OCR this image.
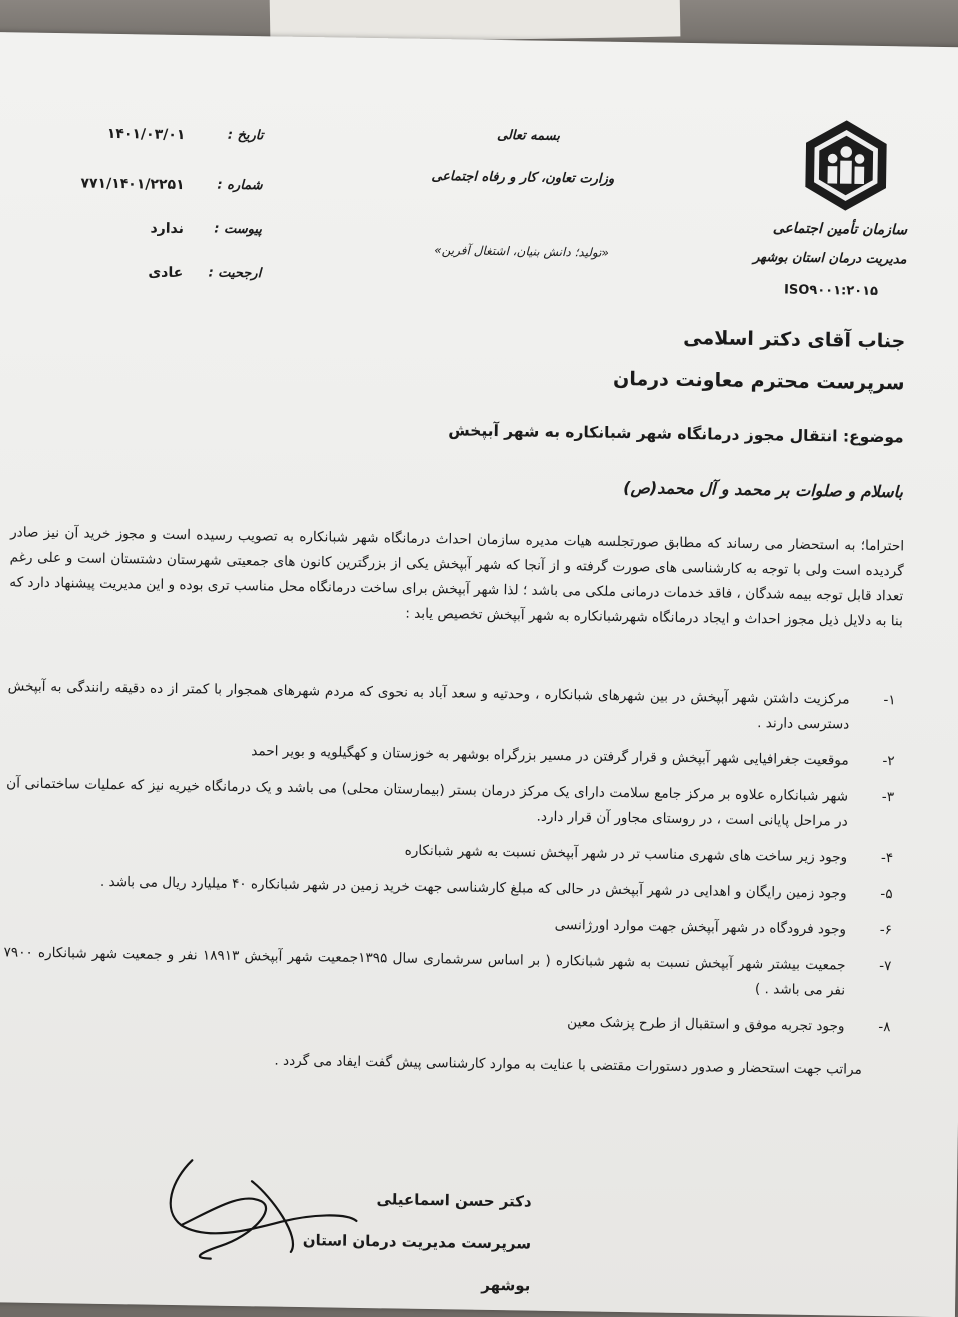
سازمان تأمین اجتماعی
مدیریت درمان استان بوشهر
ISO۹۰۰۱:۲۰۱۵
بسمه تعالی
وزارت تعاون، کار و رفاه اجتماعی
«تولید؛ دانش بنیان، اشتغال آفرین»
تاریخ :
۱۴۰۱/۰۳/۰۱
شماره :
۷۷۱/۱۴۰۱/۲۲۵۱
پیوست :
ندارد
ارجحیت :
عادی
جناب آقای دکتر اسلامی
سرپرست محترم معاونت درمان
موضوع: انتقال مجوز درمانگاه شهر شبانکاره به شهر آبپخش
باسلام و صلوات بر محمد و آل محمد(ص)
احتراما؛ به استحضار می رساند که مطابق صورتجلسه هیات مدیره سازمان احداث درمانگاه شهر شبانکاره به تصویب رسیده است و مجوز خرید آن نیز صادر گردیده است ولی با توجه به کارشناسی های صورت گرفته و از آنجا که شهر آبپخش یکی از بزرگترین کانون های جمعیتی شهرستان دشتستان است و علی رغم تعداد قابل توجه بیمه شدگان ، فاقد خدمات درمانی ملکی می باشد ؛ لذا شهر آبپخش برای ساخت درمانگاه محل مناسب تری بوده و این مدیریت پیشنهاد دارد که بنا به دلایل ذیل مجوز احداث و ایجاد درمانگاه شهرشبانکاره به شهر آبپخش تخصیص یابد :
۱-
مرکزیت داشتن شهر آبپخش در بین شهرهای شبانکاره ، وحدتیه و سعد آباد به نحوی که مردم شهرهای همجوار با کمتر از ده دقیقه رانندگی به آبپخش دسترسی دارند .
۲-
موقعیت جغرافیایی شهر آبپخش و قرار گرفتن در مسیر بزرگراه بوشهر به خوزستان و کهگیلویه و بویر احمد
۳-
شهر شبانکاره علاوه بر مرکز جامع سلامت دارای یک مرکز درمان بستر (بیمارستان محلی) می باشد و یک درمانگاه خیریه نیز که عملیات ساختمانی آن در مراحل پایانی است ، در روستای مجاور آن قرار دارد.
۴-
وجود زیر ساخت های شهری مناسب تر در شهر آبپخش نسبت به شهر شبانکاره
۵-
وجود زمین رایگان و اهدایی در شهر آبپخش در حالی که مبلغ کارشناسی جهت خرید زمین در شهر شبانکاره ۴۰ میلیارد ریال می باشد .
۶-
وجود فرودگاه در شهر آبپخش جهت موارد اورژانسی
۷-
جمعیت بیشتر شهر آبپخش نسبت به شهر شبانکاره ( بر اساس سرشماری سال ۱۳۹۵جمعیت شهر آبپخش ۱۸۹۱۳ نفر و جمعیت شهر شبانکاره ۷۹۰۰ نفر می باشد . )
۸-
وجود تجربه موفق و استقبال از طرح پزشک معین
مراتب جهت استحضار و صدور دستورات مقتضی با عنایت به موارد کارشناسی پیش گفت ایفاد می گردد .
دکتر حسن اسماعیلی
سرپرست مدیریت درمان استان
بوشهر
